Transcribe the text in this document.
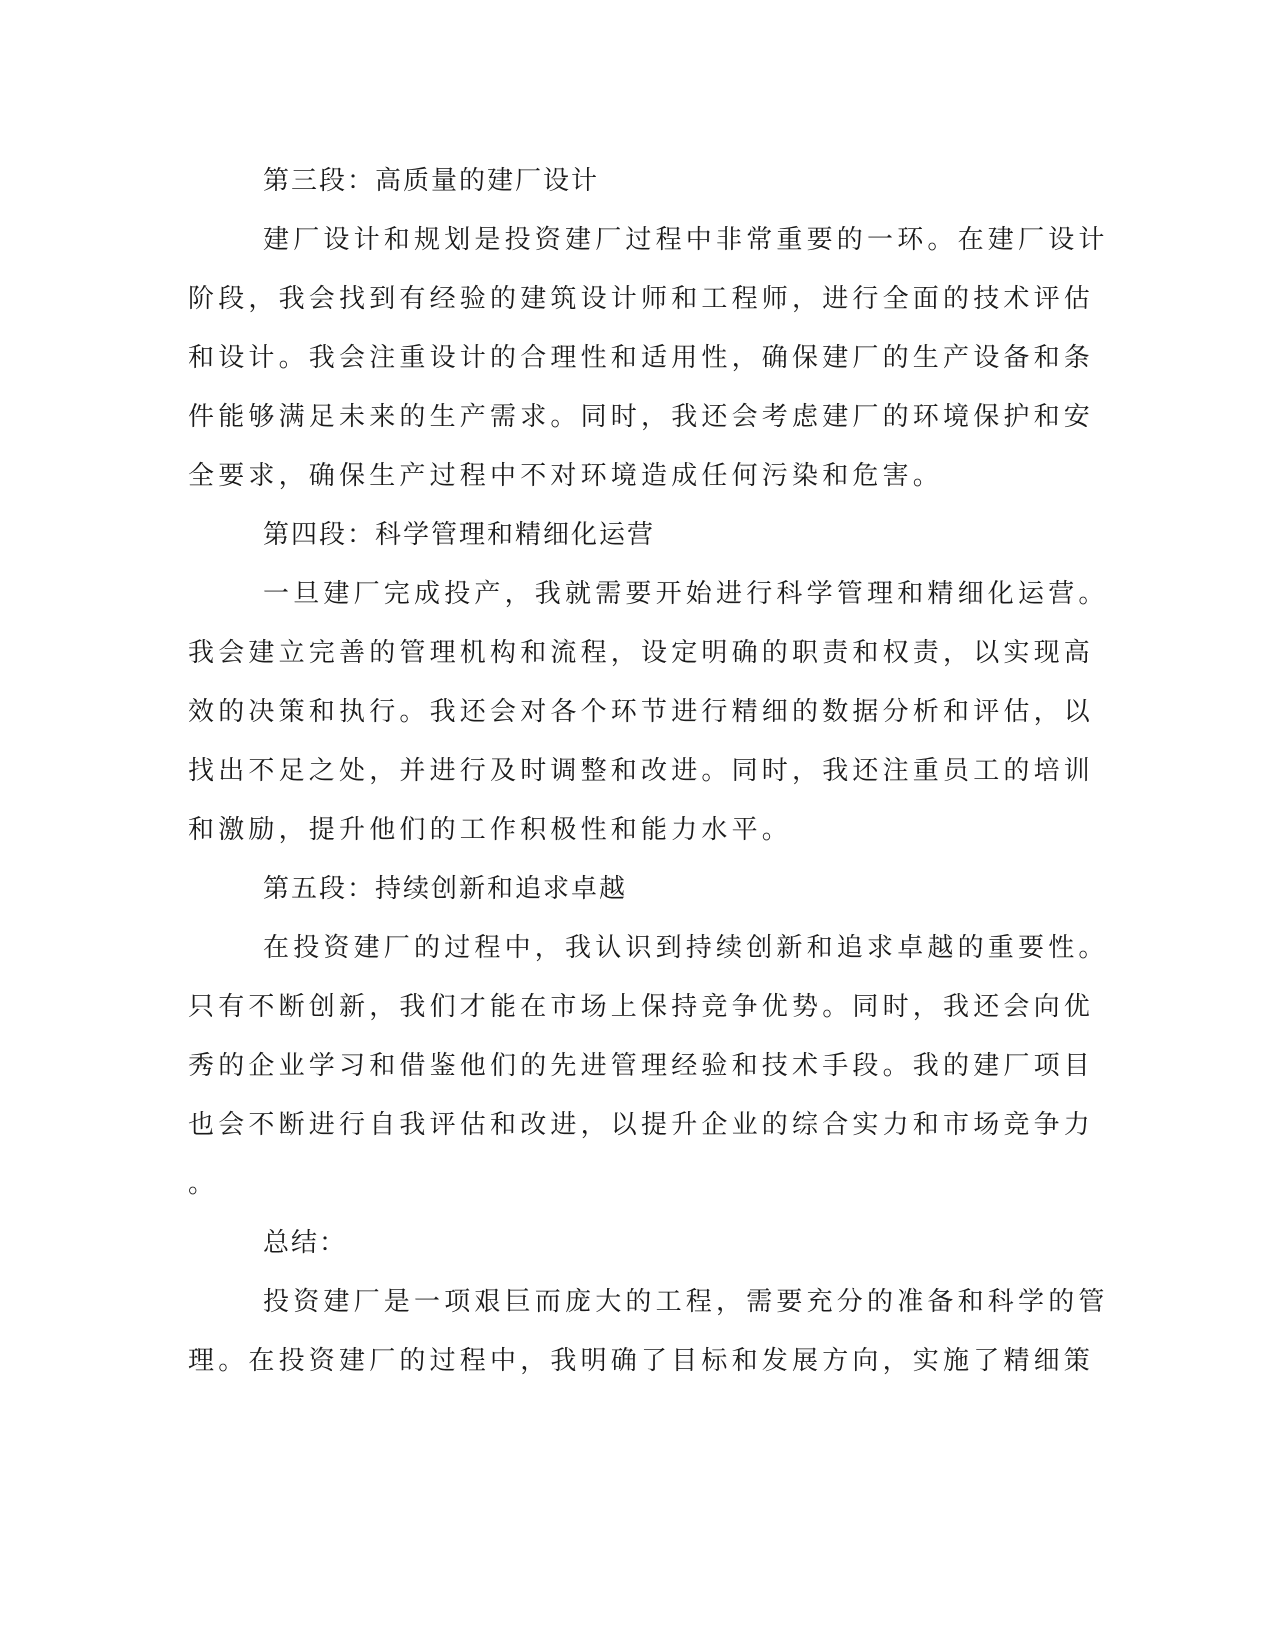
第三段：高质量的建厂设计
建厂设计和规划是投资建厂过程中非常重要的一环。在建厂设计
阶段，我会找到有经验的建筑设计师和工程师，进行全面的技术评估
和设计。我会注重设计的合理性和适用性，确保建厂的生产设备和条
件能够满足未来的生产需求。同时，我还会考虑建厂的环境保护和安
全要求，确保生产过程中不对环境造成任何污染和危害。
第四段：科学管理和精细化运营
一旦建厂完成投产，我就需要开始进行科学管理和精细化运营。
我会建立完善的管理机构和流程，设定明确的职责和权责，以实现高
效的决策和执行。我还会对各个环节进行精细的数据分析和评估，以
找出不足之处，并进行及时调整和改进。同时，我还注重员工的培训
和激励，提升他们的工作积极性和能力水平。
第五段：持续创新和追求卓越
在投资建厂的过程中，我认识到持续创新和追求卓越的重要性。
只有不断创新，我们才能在市场上保持竞争优势。同时，我还会向优
秀的企业学习和借鉴他们的先进管理经验和技术手段。我的建厂项目
也会不断进行自我评估和改进，以提升企业的综合实力和市场竞争力
。
总结：
投资建厂是一项艰巨而庞大的工程，需要充分的准备和科学的管
理。在投资建厂的过程中，我明确了目标和发展方向，实施了精细策
